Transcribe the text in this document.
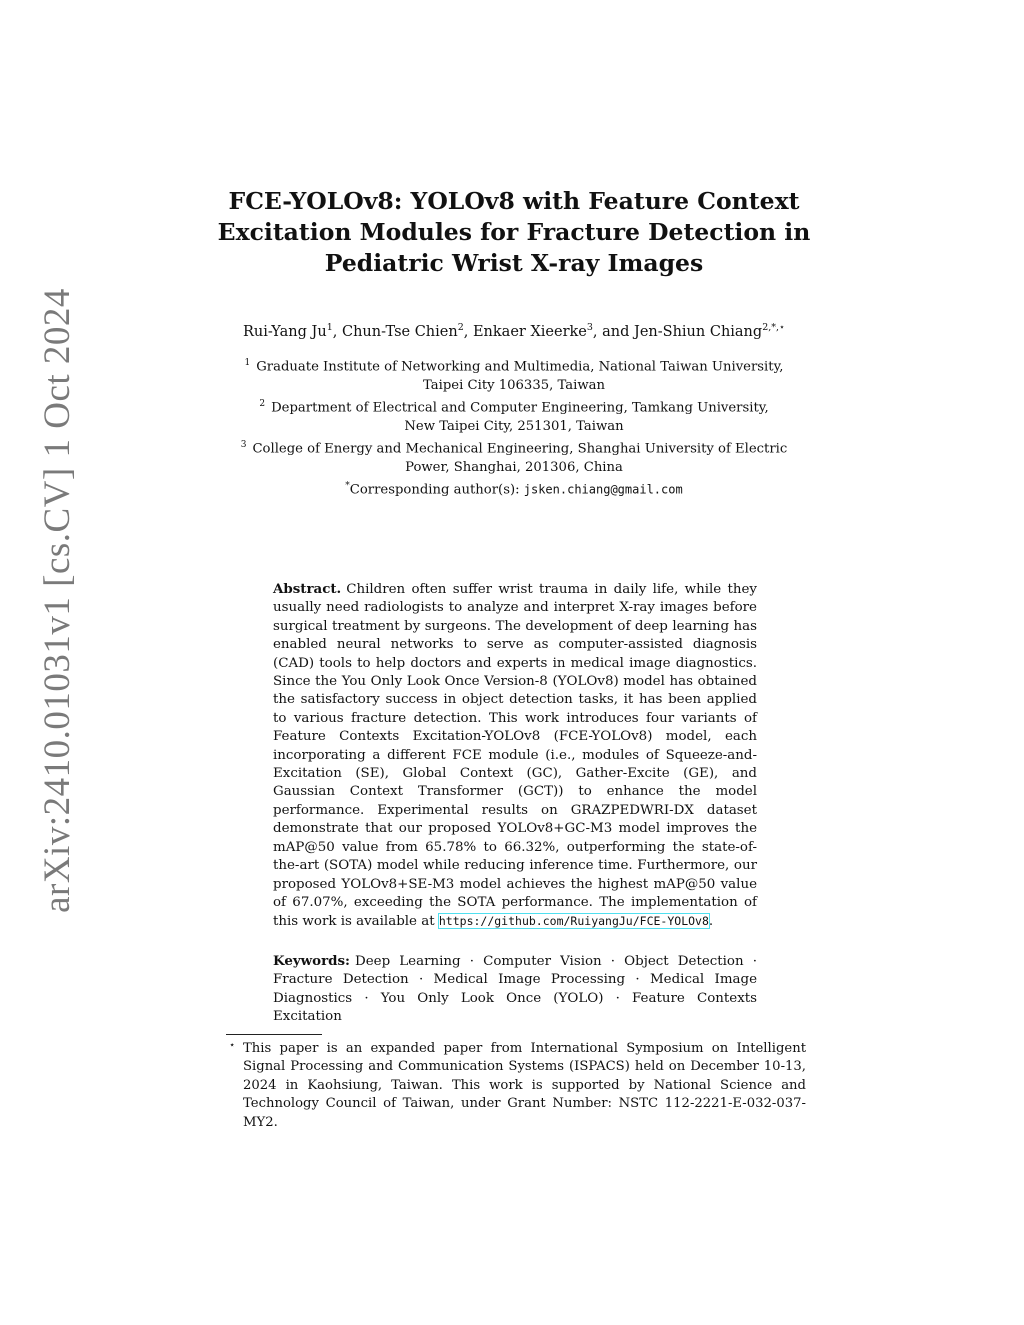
arXiv:2410.01031v1 [cs.CV] 1 Oct 2024
FCE-YOLOv8: YOLOv8 with Feature Context
Excitation Modules for Fracture Detection in
Pediatric Wrist X-ray Images
Rui-Yang Ju$^1$, Chun-Tse Chien$^2$, Enkaer Xieerke$^3$, and Jen-Shiun Chiang$^{2,*,⋆}$
$^1$ Graduate Institute of Networking and Multimedia, National Taiwan University,
Taipei City 106335, Taiwan
$^2$ Department of Electrical and Computer Engineering, Tamkang University,
New Taipei City, 251301, Taiwan
$^3$ College of Energy and Mechanical Engineering, Shanghai University of Electric
Power, Shanghai, 201306, China
*Corresponding author(s): jsken.chiang@gmail.com
Abstract. Children often suffer wrist trauma in daily life, while they usually need radiologists to analyze and interpret X-ray images before surgical treatment by surgeons. The development of deep learning has enabled neural networks to serve as computer-assisted diagnosis (CAD) tools to help doctors and experts in medical image diagnostics. Since the You Only Look Once Version-8 (YOLOv8) model has obtained the satisfactory success in object detection tasks, it has been applied to various fracture detection. This work introduces four variants of Feature Contexts Excitation-YOLOv8 (FCE-YOLOv8) model, each incorporating a different FCE module (i.e., modules of Squeeze-and-Excitation (SE), Global Context (GC), Gather-Excite (GE), and Gaussian Context Transformer (GCT)) to enhance the model performance. Experimental results on GRAZPEDWRI-DX dataset demonstrate that our proposed YOLOv8+GC-M3 model improves the mAP@50 value from 65.78% to 66.32%, outperforming the state-of-the-art (SOTA) model while reducing inference time. Furthermore, our proposed YOLOv8+SE-M3 model achieves the highest mAP@50 value of 67.07%, exceeding the SOTA performance. The implementation of this work is available at https://github.com/RuiyangJu/FCE-YOLOv8.
Keywords: Deep Learning · Computer Vision · Object Detection · Fracture Detection · Medical Image Processing · Medical Image Diagnostics · You Only Look Once (YOLO) · Feature Contexts Excitation
⋆ This paper is an expanded paper from International Symposium on Intelligent Signal Processing and Communication Systems (ISPACS) held on December 10-13, 2024 in Kaohsiung, Taiwan. This work is supported by National Science and Technology Council of Taiwan, under Grant Number: NSTC 112-2221-E-032-037-MY2.
